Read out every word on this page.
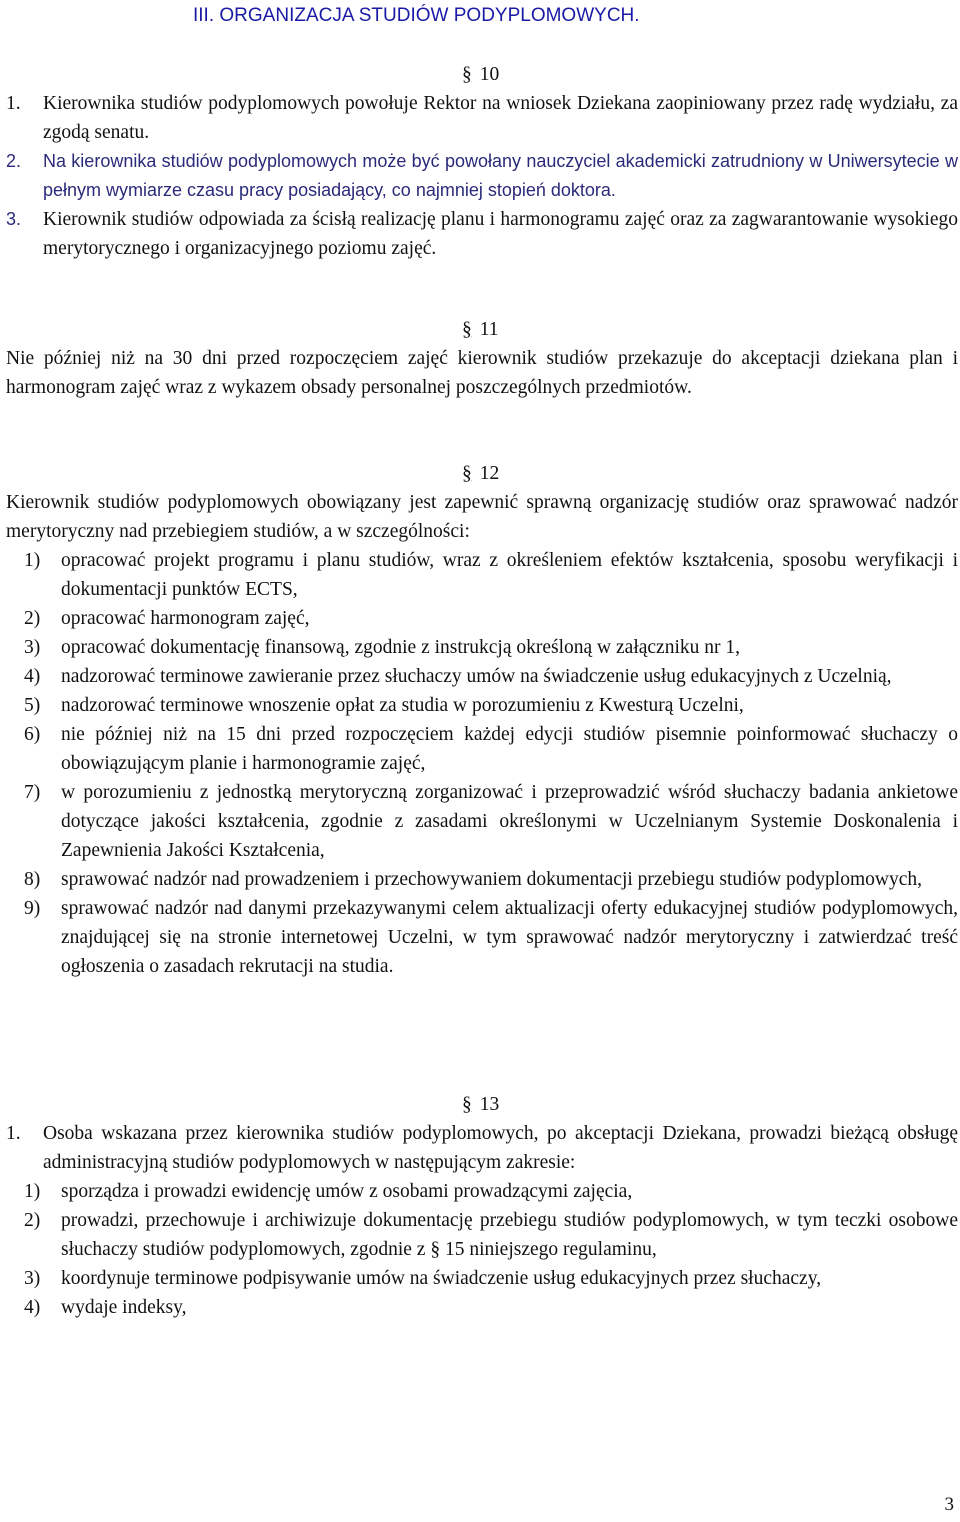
III. ORGANIZACJA STUDIÓW PODYPLOMOWYCH.
§ 10
1. Kierownika studiów podyplomowych powołuje Rektor na wniosek Dziekana zaopiniowany przez radę wydziału, za zgodą senatu.
2. Na kierownika studiów podyplomowych może być powołany nauczyciel akademicki zatrudniony w Uniwersytecie w pełnym wymiarze czasu pracy posiadający, co najmniej stopień doktora.
3. Kierownik studiów odpowiada za ścisłą realizację planu i harmonogramu zajęć oraz za zagwarantowanie wysokiego merytorycznego i organizacyjnego poziomu zajęć.
§ 11
Nie później niż na 30 dni przed rozpoczęciem zajęć kierownik studiów przekazuje do akceptacji dziekana plan i harmonogram zajęć wraz z wykazem obsady personalnej poszczególnych przedmiotów.
§ 12
Kierownik studiów podyplomowych obowiązany jest zapewnić sprawną organizację studiów oraz sprawować nadzór merytoryczny nad przebiegiem studiów, a w szczególności:
1) opracować projekt programu i planu studiów, wraz z określeniem efektów kształcenia, sposobu weryfikacji i dokumentacji punktów ECTS,
2) opracować harmonogram zajęć,
3) opracować dokumentację finansową, zgodnie z instrukcją określoną w załączniku nr 1,
4) nadzorować terminowe zawieranie przez słuchaczy umów na świadczenie usług edukacyjnych z Uczelnią,
5) nadzorować terminowe wnoszenie opłat za studia w porozumieniu z Kwesturą Uczelni,
6) nie później niż na 15 dni przed rozpoczęciem każdej edycji studiów pisemnie poinformować słuchaczy o obowiązującym planie i harmonogramie zajęć,
7) w porozumieniu z jednostką merytoryczną zorganizować i przeprowadzić wśród słuchaczy badania ankietowe dotyczące jakości kształcenia, zgodnie z zasadami określonymi w Uczelnianym Systemie Doskonalenia i Zapewnienia Jakości Kształcenia,
8) sprawować nadzór nad prowadzeniem i przechowywaniem dokumentacji przebiegu studiów podyplomowych,
9) sprawować nadzór nad danymi przekazywanymi celem aktualizacji oferty edukacyjnej studiów podyplomowych, znajdującej się na stronie internetowej Uczelni, w tym sprawować nadzór merytoryczny i zatwierdzać treść ogłoszenia o zasadach rekrutacji na studia.
§ 13
1. Osoba wskazana przez kierownika studiów podyplomowych, po akceptacji Dziekana, prowadzi bieżącą obsługę administracyjną studiów podyplomowych w następującym zakresie:
1) sporządza i prowadzi ewidencję umów z osobami prowadzącymi zajęcia,
2) prowadzi, przechowuje i archiwizuje dokumentację przebiegu studiów podyplomowych, w tym teczki osobowe słuchaczy studiów podyplomowych, zgodnie z § 15 niniejszego regulaminu,
3) koordynuje terminowe podpisywanie umów na świadczenie usług edukacyjnych przez słuchaczy,
4) wydaje indeksy,
3
